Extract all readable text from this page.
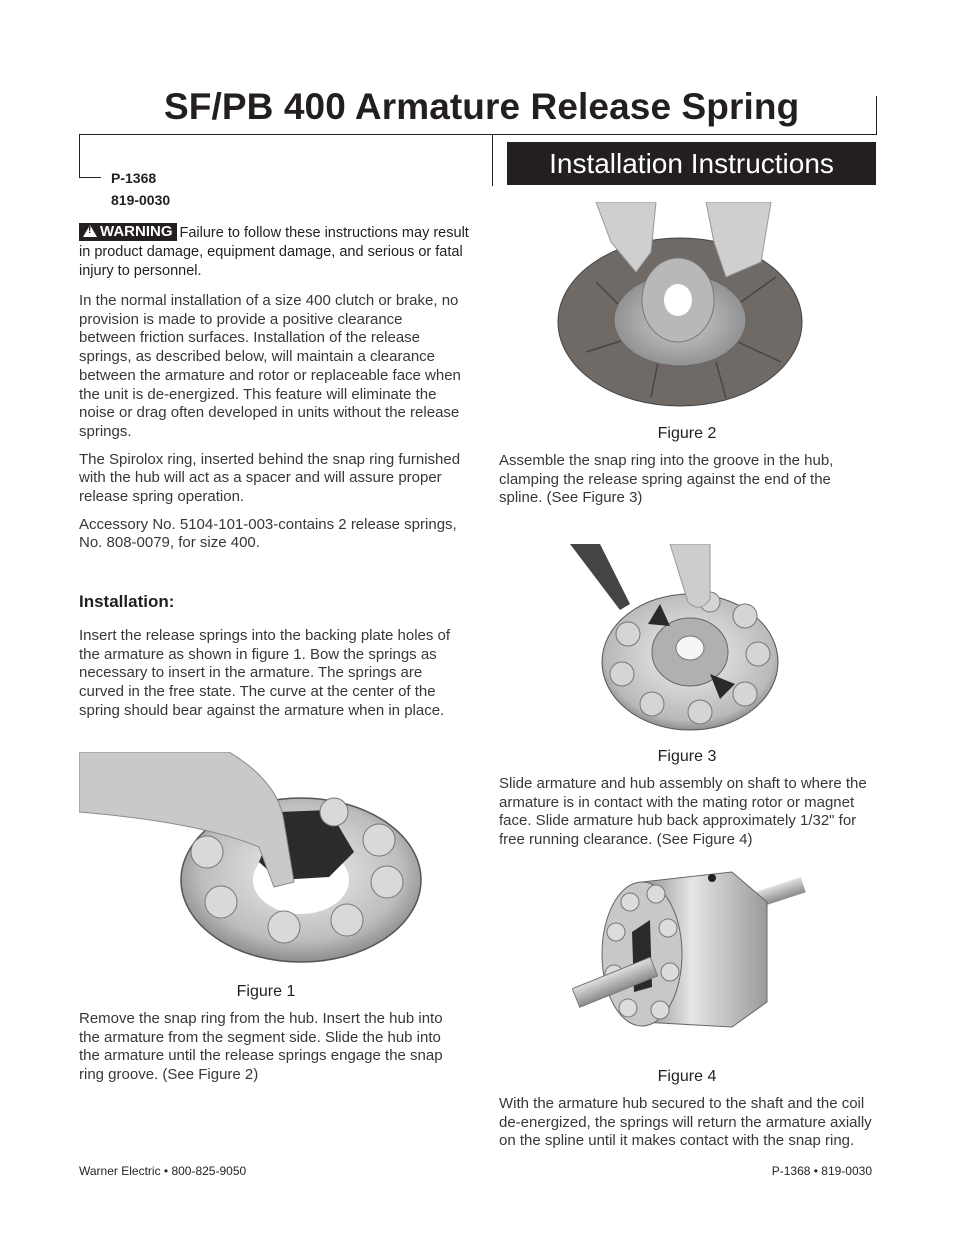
SF/PB 400 Armature Release Spring
P-1368
819-0030
Installation Instructions
!WARNING Failure to follow these instructions may result in product damage, equipment damage, and serious or fatal injury to personnel.

In the normal installation of a size 400 clutch or brake, no provision is made to provide a positive clearance between friction surfaces. Installation of the release springs, as described below, will maintain a clearance between the armature and rotor or replaceable face when the unit is de-energized. This feature will eliminate the noise or drag often developed in units without the release springs.

The Spirolox ring, inserted behind the snap ring furnished with the hub will act as a spacer and will assure proper release spring operation.

Accessory No. 5104-101-003-contains 2 release springs, No. 808-0079, for size 400.

Installation:
Insert the release springs into the backing plate holes of the armature as shown in figure 1. Bow the springs as necessary to insert in the armature. The springs are curved in the free state. The curve at the center of the spring should bear against the armature when in place.
Figure 1
Remove the snap ring from the hub. Insert the hub into the armature from the segment side. Slide the hub into the armature until the release springs engage the snap ring groove. (See Figure 2)
Figure 2
Assemble the snap ring into the groove in the hub, clamping the release spring against the end of the spline. (See Figure 3)
Figure 3
Slide armature and hub assembly on shaft to where the armature is in contact with the mating rotor or magnet face. Slide armature hub back approximately 1/32" for free running clearance. (See Figure 4)
Figure 4
With the armature hub secured to the shaft and the coil de-energized, the springs will return the armature axially on the spline until it makes contact with the snap ring.
Warner Electric • 800-825-9050	P-1368 • 819-0030
